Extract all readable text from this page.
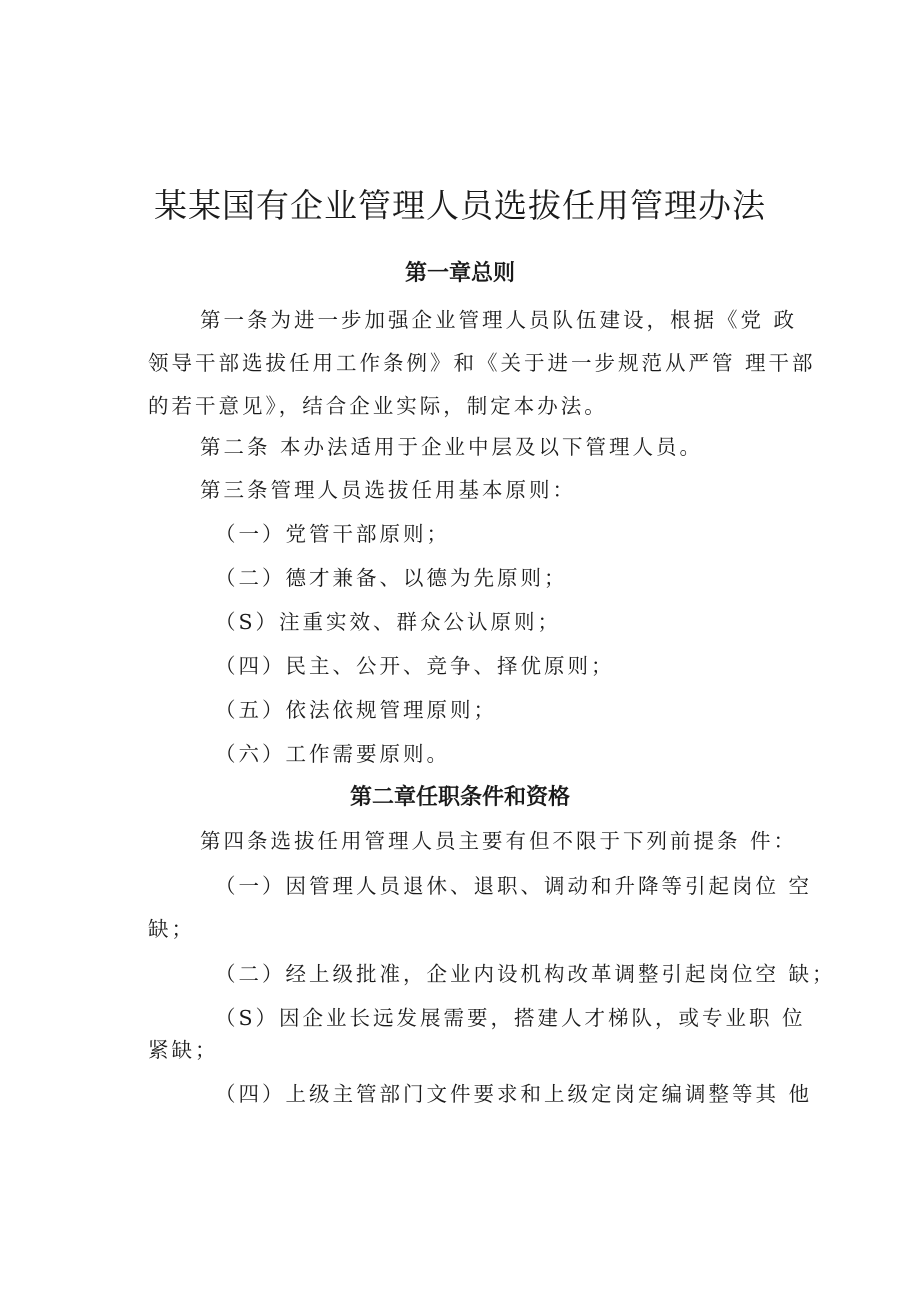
某某国有企业管理人员选拔任用管理办法
第一章总则
第一条为进一步加强企业管理人员队伍建设，根据《党 政
领导干部选拔任用工作条例》和《关于进一步规范从严管 理干部
的若干意见》，结合企业实际，制定本办法。
第二条 本办法适用于企业中层及以下管理人员。
第三条管理人员选拔任用基本原则：
（一）党管干部原则；
（二）德才兼备、以德为先原则；
（S）注重实效、群众公认原则；
（四）民主、公开、竞争、择优原则；
（五）依法依规管理原则；
（六）工作需要原则。
第二章任职条件和资格
第四条选拔任用管理人员主要有但不限于下列前提条 件：
（一）因管理人员退休、退职、调动和升降等引起岗位 空
缺；
（二）经上级批准，企业内设机构改革调整引起岗位空 缺；
（S）因企业长远发展需要，搭建人才梯队，或专业职 位
紧缺；
（四）上级主管部门文件要求和上级定岗定编调整等其 他
